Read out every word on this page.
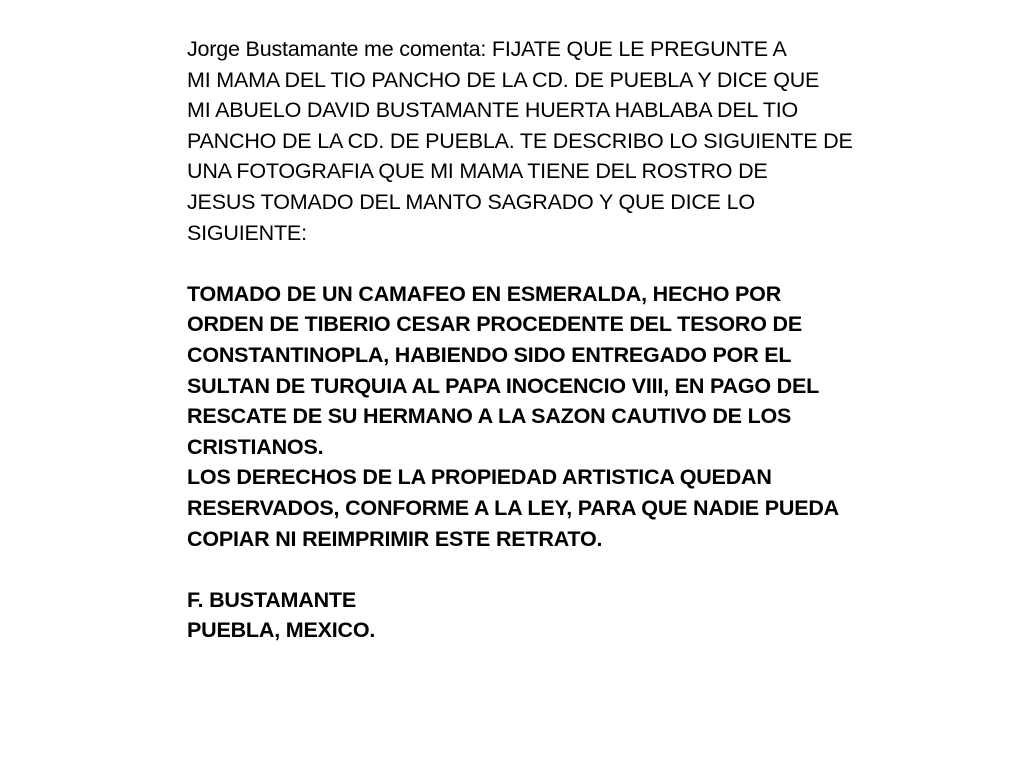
Jorge Bustamante me comenta: FIJATE QUE LE PREGUNTE A
MI MAMA DEL TIO PANCHO DE LA CD. DE PUEBLA Y DICE QUE
MI ABUELO DAVID BUSTAMANTE HUERTA HABLABA DEL TIO
PANCHO DE LA CD. DE PUEBLA. TE DESCRIBO LO SIGUIENTE DE
UNA FOTOGRAFIA QUE MI MAMA TIENE DEL ROSTRO DE
JESUS TOMADO DEL MANTO SAGRADO Y QUE DICE LO
SIGUIENTE:
TOMADO DE UN CAMAFEO EN ESMERALDA, HECHO POR
ORDEN DE TIBERIO CESAR PROCEDENTE DEL TESORO DE
CONSTANTINOPLA, HABIENDO SIDO ENTREGADO POR EL
SULTAN DE TURQUIA AL PAPA INOCENCIO VIII, EN PAGO DEL
RESCATE DE SU HERMANO A LA SAZON CAUTIVO DE LOS
CRISTIANOS.
LOS DERECHOS DE LA PROPIEDAD ARTISTICA QUEDAN
RESERVADOS, CONFORME A LA LEY, PARA QUE NADIE PUEDA
COPIAR NI REIMPRIMIR ESTE RETRATO.
F. BUSTAMANTE
PUEBLA, MEXICO.
